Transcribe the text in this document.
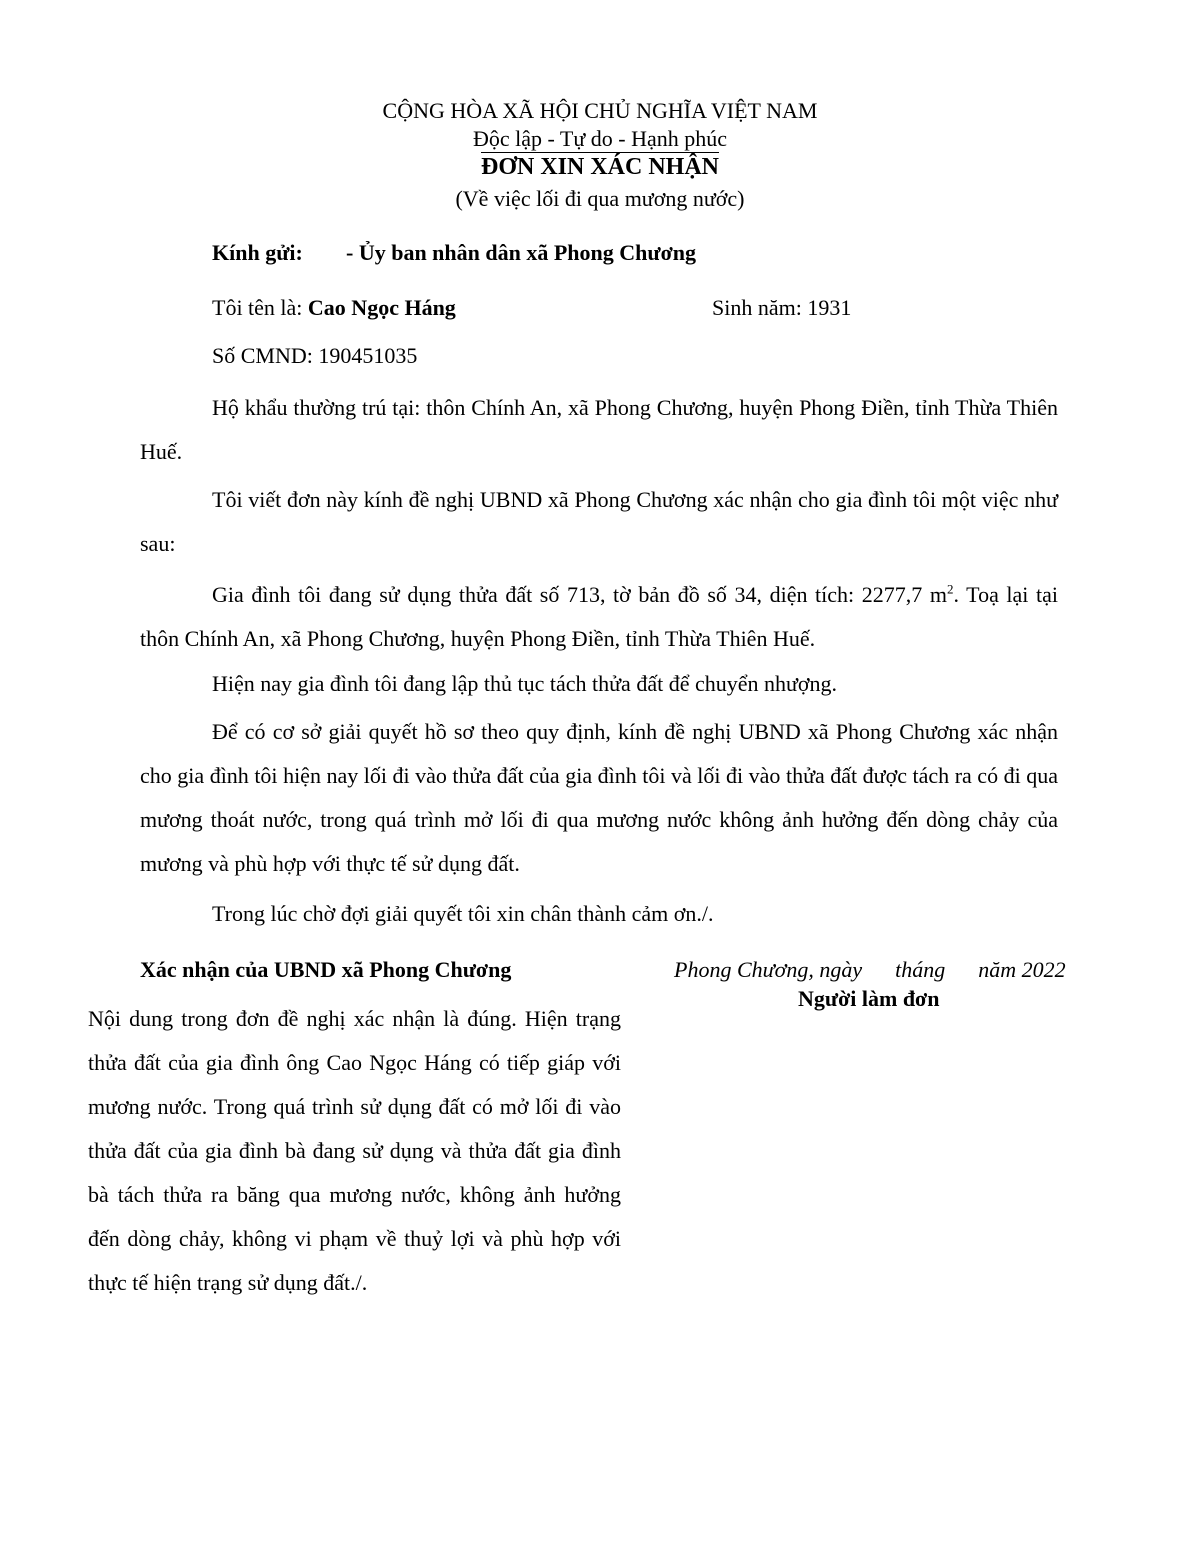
CỘNG HÒA XÃ HỘI CHỦ NGHĨA VIỆT NAM
Độc lập - Tự do - Hạnh phúc
ĐƠN XIN XÁC NHẬN
(Về việc lối đi qua mương nước)
Kính gửi: - Ủy ban nhân dân xã Phong Chương
Tôi tên là: Cao Ngọc Háng	Sinh năm: 1931
Số CMND: 190451035
Hộ khẩu thường trú tại: thôn Chính An, xã Phong Chương, huyện Phong Điền, tỉnh Thừa Thiên Huế.
Tôi viết đơn này kính đề nghị UBND xã Phong Chương xác nhận cho gia đình tôi một việc như sau:
Gia đình tôi đang sử dụng thửa đất số 713, tờ bản đồ số 34, diện tích: 2277,7 $m^2$. Toạ lại tại thôn Chính An, xã Phong Chương, huyện Phong Điền, tỉnh Thừa Thiên Huế.
Hiện nay gia đình tôi đang lập thủ tục tách thửa đất để chuyển nhượng.
Để có cơ sở giải quyết hồ sơ theo quy định, kính đề nghị UBND xã Phong Chương xác nhận cho gia đình tôi hiện nay lối đi vào thửa đất của gia đình tôi và lối đi vào thửa đất được tách ra có đi qua mương thoát nước, trong quá trình mở lối đi qua mương nước không ảnh hưởng đến dòng chảy của mương và phù hợp với thực tế sử dụng đất.
Trong lúc chờ đợi giải quyết tôi xin chân thành cảm ơn./.
Xác nhận của UBND xã Phong Chương
Nội dung trong đơn đề nghị xác nhận là đúng. Hiện trạng thửa đất của gia đình ông Cao Ngọc Háng có tiếp giáp với mương nước. Trong quá trình sử dụng đất có mở lối đi vào thửa đất của gia đình bà đang sử dụng và thửa đất gia đình bà tách thửa ra băng qua mương nước, không ảnh hưởng đến dòng chảy, không vi phạm về thuỷ lợi và phù hợp với thực tế hiện trạng sử dụng đất./.
Phong Chương, ngày      tháng      năm 2022
Người làm đơn
